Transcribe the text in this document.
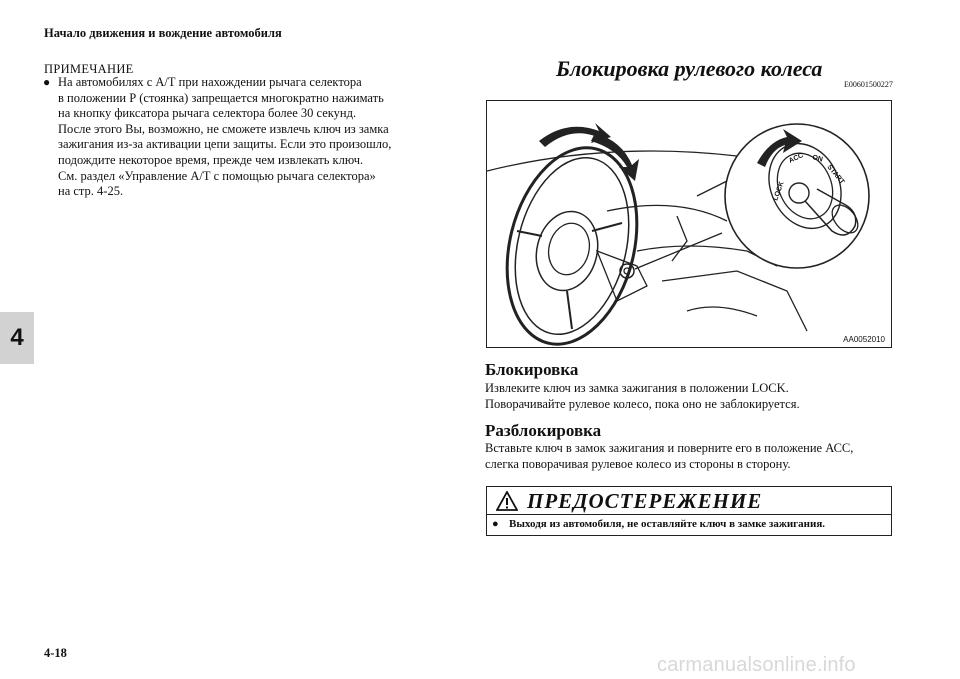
Начало движения и вождение автомобиля
4
ПРИМЕЧАНИЕ
● На автомобилях с А/Т при нахождении рычага селектора
в положении Р (стоянка) запрещается многократно нажимать
на кнопку фиксатора рычага селектора более 30 секунд.
После этого Вы, возможно, не сможете извлечь ключ из замка
зажигания из-за активации цепи защиты. Если это произошло,
подождите некоторое время, прежде чем извлекать ключ.
См. раздел «Управление А/Т с помощью рычага селектора»
на стр. 4-25.
Блокировка рулевого колеса
E00601500227
LOCK
ACC ON
START
AA0052010
Блокировка
Извлеките ключ из замка зажигания в положении LOCK.
Поворачивайте рулевое колесо, пока оно не заблокируется.
Разблокировка
Вставьте ключ в замок зажигания и поверните его в положение АСС,
слегка поворачивая рулевое колесо из стороны в сторону.
ПРЕДОСТЕРЕЖЕНИЕ
● Выходя из автомобиля, не оставляйте ключ в замке зажигания.
4-18
carmanualsonline.info
